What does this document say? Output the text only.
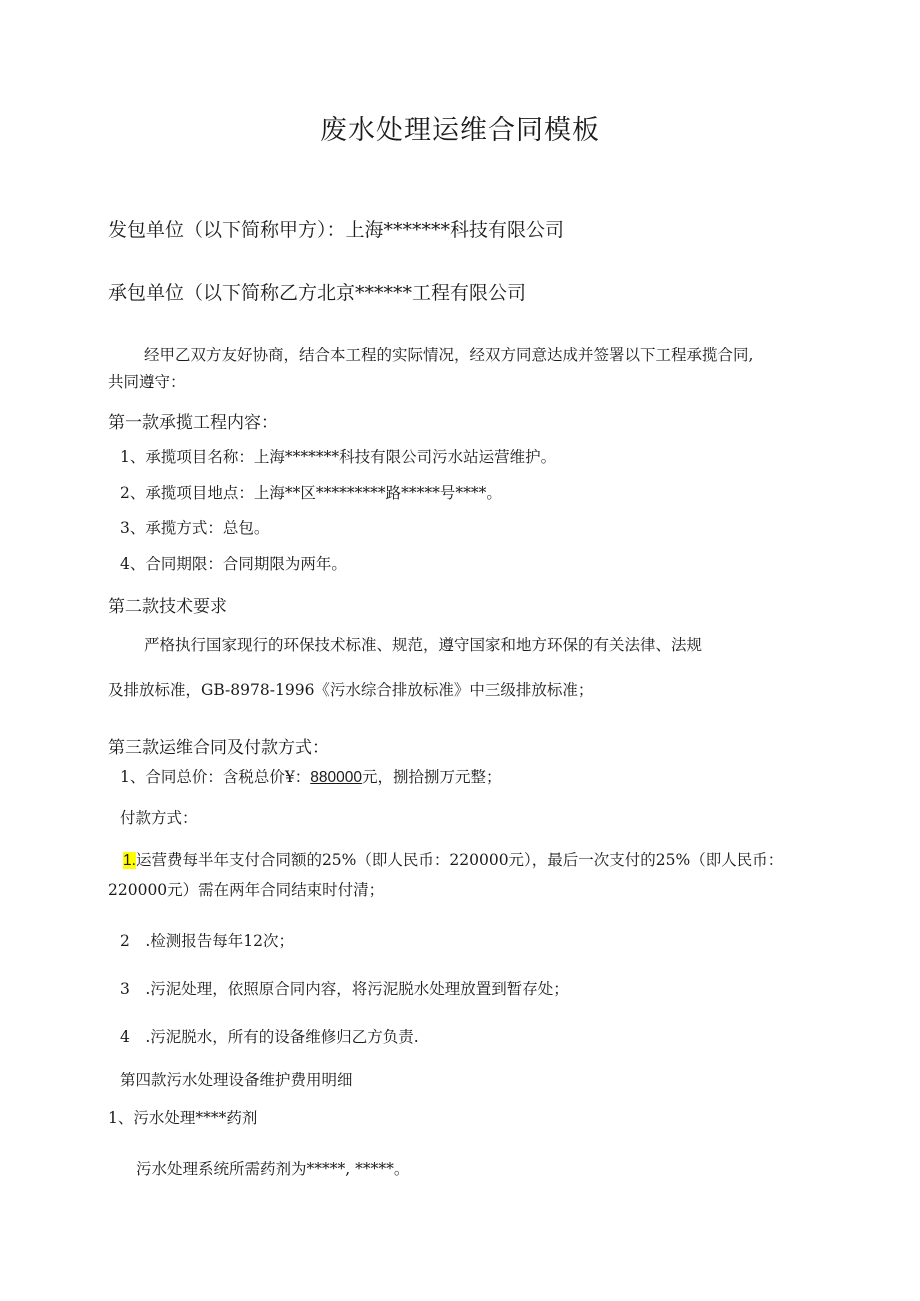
废水处理运维合同模板
发包单位（以下简称甲方）：上海*******科技有限公司
承包单位（以下简称乙方北京******工程有限公司
经甲乙双方友好协商，结合本工程的实际情况，经双方同意达成并签署以下工程承揽合同,
共同遵守：
第一款承揽工程内容：
1、承揽项目名称：上海*******科技有限公司污水站运营维护。
2、承揽项目地点：上海**区*********路*****号****。
3、承揽方式：总包。
4、合同期限：合同期限为两年。
第二款技术要求
严格执行国家现行的环保技术标准、规范，遵守国家和地方环保的有关法律、法规
及排放标准，GB-8978-1996《污水综合排放标准》中三级排放标准；
第三款运维合同及付款方式：
1、合同总价：含税总价¥：880000元，捌拾捌万元整；
付款方式：
1.运营费每半年支付合同额的25%（即人民币：220000元），最后一次支付的25%（即人民币：
220000元）需在两年合同结束时付清；
2　.检测报告每年12次；
3　.污泥处理，依照原合同内容，将污泥脱水处理放置到暂存处；
4　.污泥脱水，所有的设备维修归乙方负责.
第四款污水处理设备维护费用明细
1、污水处理****药剂
污水处理系统所需药剂为*****, *****。
